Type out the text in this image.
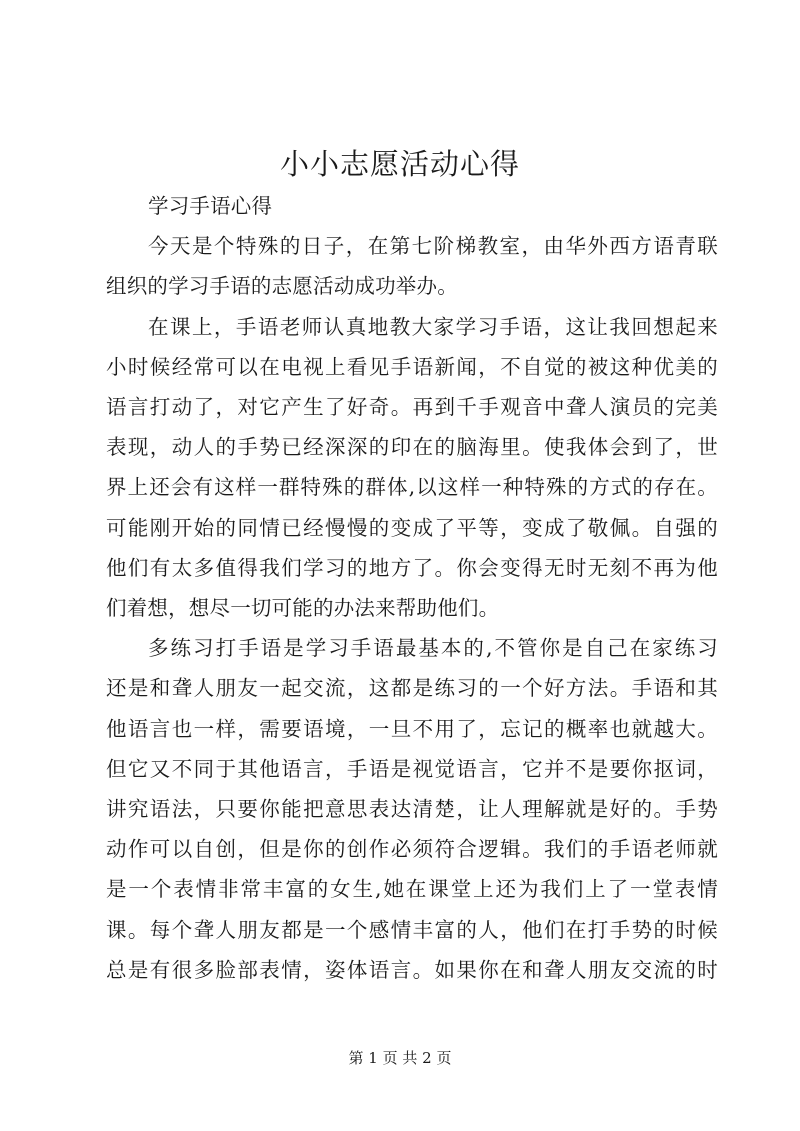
小小志愿活动心得
学习手语心得
今天是个特殊的日子，在第七阶梯教室，由华外西方语青联
组织的学习手语的志愿活动成功举办。
在课上，手语老师认真地教大家学习手语，这让我回想起来
小时候经常可以在电视上看见手语新闻，不自觉的被这种优美的
语言打动了，对它产生了好奇。再到千手观音中聋人演员的完美
表现，动人的手势已经深深的印在的脑海里。使我体会到了，世
界上还会有这样一群特殊的群体,以这样一种特殊的方式的存在。
可能刚开始的同情已经慢慢的变成了平等，变成了敬佩。自强的
他们有太多值得我们学习的地方了。你会变得无时无刻不再为他
们着想，想尽一切可能的办法来帮助他们。
多练习打手语是学习手语最基本的,不管你是自己在家练习
还是和聋人朋友一起交流，这都是练习的一个好方法。手语和其
他语言也一样，需要语境，一旦不用了，忘记的概率也就越大。
但它又不同于其他语言，手语是视觉语言，它并不是要你抠词，
讲究语法，只要你能把意思表达清楚，让人理解就是好的。手势
动作可以自创，但是你的创作必须符合逻辑。我们的手语老师就
是一个表情非常丰富的女生,她在课堂上还为我们上了一堂表情
课。每个聋人朋友都是一个感情丰富的人，他们在打手势的时候
总是有很多脸部表情，姿体语言。如果你在和聋人朋友交流的时
第 1 页 共 2 页
